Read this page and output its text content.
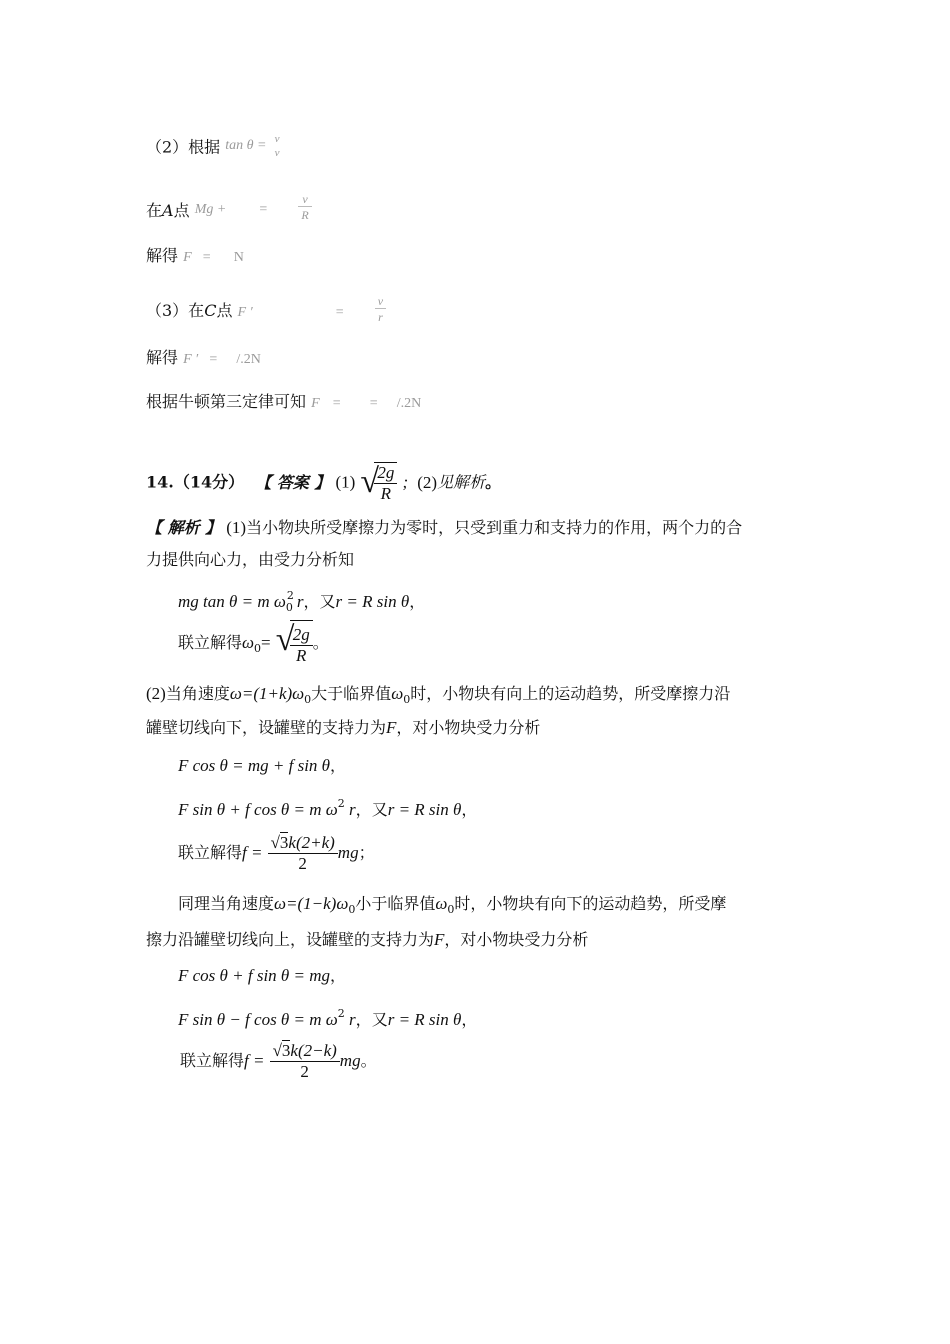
（2）根据 tan θ = v
v
在A点 Mg + =	$\frac{v}{R}$
解得 F = N
（3）在C点 F ′	=	$\frac{v}{r}$
解得 F ′ = /.2N
根据牛顿第三定律可知 F = = /.2N
14.（14分） 【 答案 】 (1) √
$\frac{2g}{R}$ ; (2)见解析。
【 解析 】 (1)当小物块所受摩擦力为零时，只受到重力和支持力的作用，两个力的合
力提供向心力，由受力分析知
mg tan θ = m $\omega_0^2$ r，又r = R sin θ，
联立解得$\omega_0=$ √
$\frac{2g}{R}$ 。
(2)当角速度$\omega=(1+k)\omega_0$大于临界值$\omega_0$时，小物块有向上的运动趋势，所受摩擦力沿
罐壁切线向下，设罐壁的支持力为F，对小物块受力分析
F cos θ = mg + f sin θ，
F sin θ + f cos θ = m $\omega^2$ r，又r = R sin θ，
联立解得$f = \frac{√3k(2+k)}{2}$ mg；
同理当角速度$\omega=(1-k)\omega_0$小于临界值$\omega_0$时，小物块有向下的运动趋势，所受摩
擦力沿罐壁切线向上，设罐壁的支持力为F，对小物块受力分析
F cos θ + f sin θ = mg，
F sin θ − f cos θ = m $\omega^2$ r，又r = R sin θ，
联立解得$f = \frac{√3k(2-k)}{2}$ mg。
